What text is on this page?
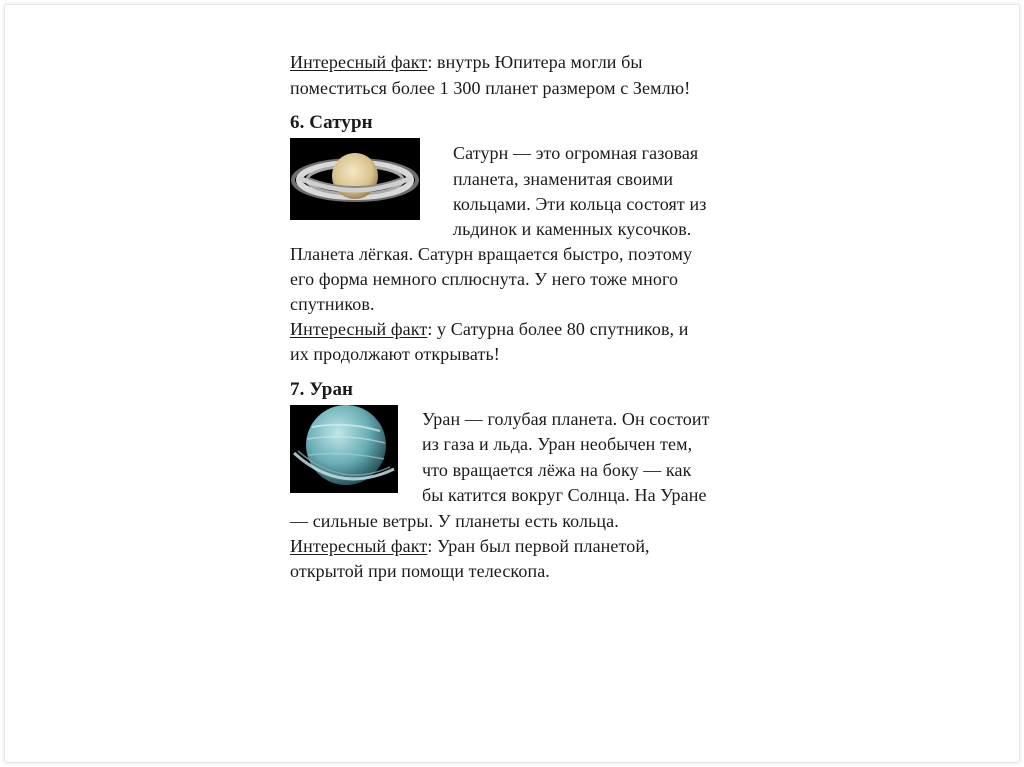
Интересный факт: внутрь Юпитера могли бы
поместиться более 1 300 планет размером с Землю!
6. Сатурн
Сатурн — это огромная газовая
планета, знаменитая своими
кольцами. Эти кольца состоят из
льдинок и каменных кусочков.
Планета лёгкая. Сатурн вращается быстро, поэтому
его форма немного сплюснута. У него тоже много
спутников.
Интересный факт: у Сатурна более 80 спутников, и
их продолжают открывать!
7. Уран
Уран — голубая планета. Он состоит
из газа и льда. Уран необычен тем,
что вращается лёжа на боку — как
бы катится вокруг Солнца. На Уране
— сильные ветры. У планеты есть кольца.
Интересный факт: Уран был первой планетой,
открытой при помощи телескопа.
